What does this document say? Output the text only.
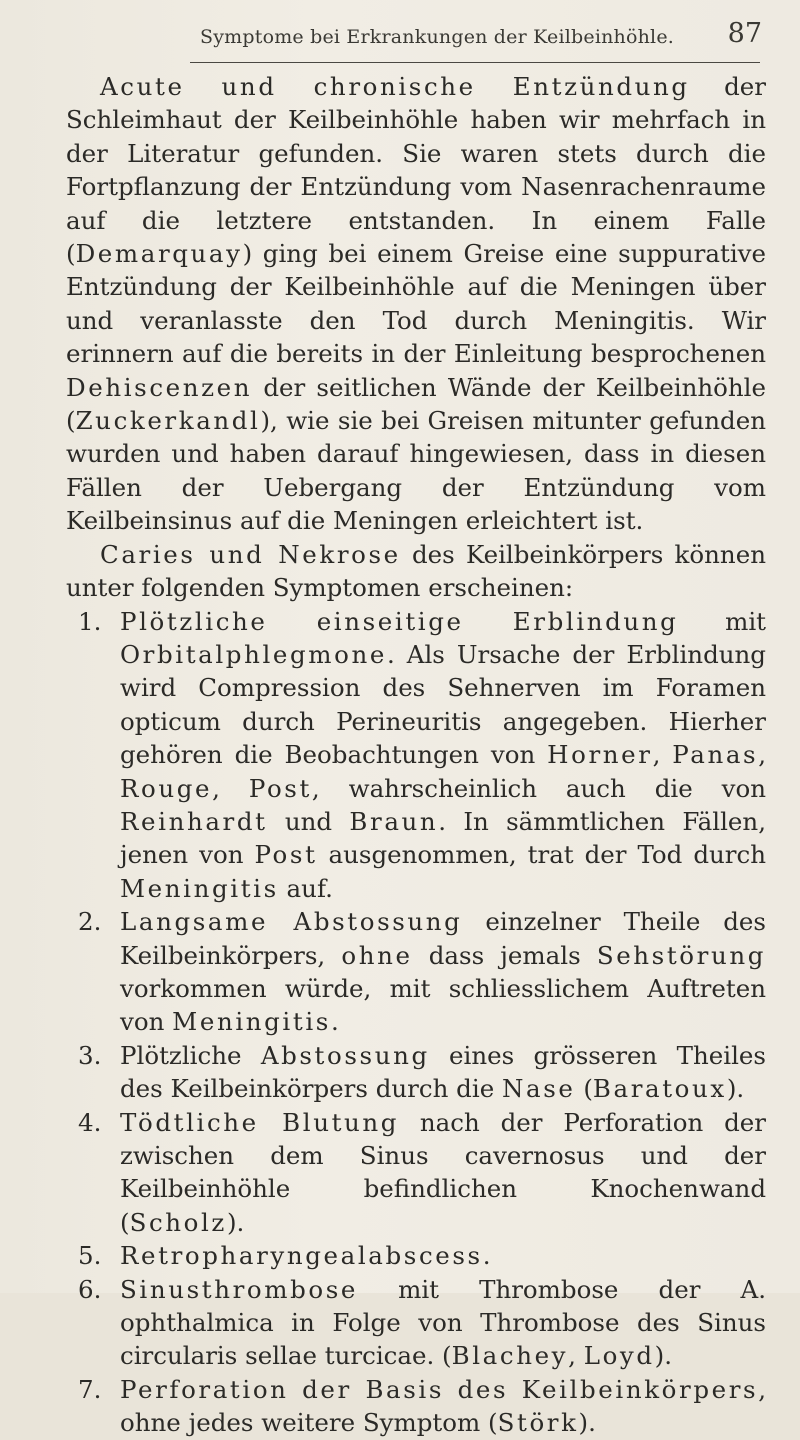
Symptome bei Erkrankungen der Keilbeinhöhle. 87

Acute und chronische Entzündung der Schleimhaut der Keilbeinhöhle haben wir mehrfach in der Literatur gefunden. Sie waren stets durch die Fortpflanzung der Entzündung vom Nasenrachenraume auf die letztere entstanden. In einem Falle (Demarquay) ging bei einem Greise eine suppurative Entzündung der Keilbeinhöhle auf die Meningen über und veranlasste den Tod durch Meningitis. Wir erinnern auf die bereits in der Einleitung besprochenen Dehiscenzen der seitlichen Wände der Keilbeinhöhle (Zuckerkandl), wie sie bei Greisen mitunter gefunden wurden und haben darauf hingewiesen, dass in diesen Fällen der Uebergang der Entzündung vom Keilbeinsinus auf die Meningen erleichtert ist.

Caries und Nekrose des Keilbeinkörpers können unter folgenden Symptomen erscheinen:

1. Plötzliche einseitige Erblindung mit Orbitalphlegmone. Als Ursache der Erblindung wird Compression des Sehnerven im Foramen opticum durch Perineuritis angegeben. Hierher gehören die Beobachtungen von Horner, Panas, Rouge, Post, wahrscheinlich auch die von Reinhardt und Braun. In sämmtlichen Fällen, jenen von Post ausgenommen, trat der Tod durch Meningitis auf.
2. Langsame Abstossung einzelner Theile des Keilbeinkörpers, ohne dass jemals Sehstörung vorkommen würde, mit schliesslichem Auftreten von Meningitis.
3. Plötzliche Abstossung eines grösseren Theiles des Keilbeinkörpers durch die Nase (Baratoux).
4. Tödtliche Blutung nach der Perforation der zwischen dem Sinus cavernosus und der Keilbeinhöhle befindlichen Knochenwand (Scholz).
5. Retropharyngealabscess.
6. Sinusthrombose mit Thrombose der A. ophthalmica in Folge von Thrombose des Sinus circularis sellae turcicae. (Blachey, Loyd).
7. Perforation der Basis des Keilbeinkörpers, ohne jedes weitere Symptom (Störk).
